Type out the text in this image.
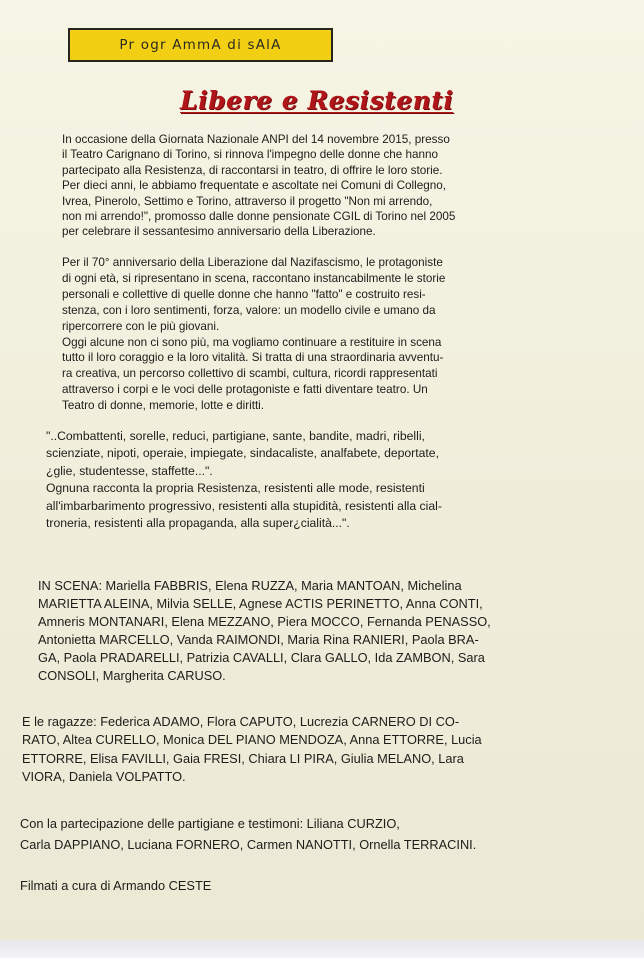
Pr ogr AmmA di sAlA
Libere e Resistenti
In occasione della Giornata Nazionale ANPI del 14 novembre 2015, presso
il Teatro Carignano di Torino, si rinnova l'impegno delle donne che hanno
partecipato alla Resistenza, di raccontarsi in teatro, di offrire le loro storie.
Per dieci anni, le abbiamo frequentate e ascoltate nei Comuni di Collegno,
Ivrea, Pinerolo, Settimo e Torino, attraverso il progetto "Non mi arrendo,
non mi arrendo!", promosso dalle donne pensionate CGIL di Torino nel 2005
per celebrare il sessantesimo anniversario della Liberazione.
Per il 70° anniversario della Liberazione dal Nazifascismo, le protagoniste
di ogni età, si ripresentano in scena, raccontano instancabilmente le storie
personali e collettive di quelle donne che hanno "fatto" e costruito resi-
stenza, con i loro sentimenti, forza, valore: un modello civile e umano da
ripercorrere con le più giovani.
Oggi alcune non ci sono più, ma vogliamo continuare a restituire in scena
tutto il loro coraggio e la loro vitalità. Si tratta di una straordinaria avventu-
ra creativa, un percorso collettivo di scambi, cultura, ricordi rappresentati
attraverso i corpi e le voci delle protagoniste e fatti diventare teatro. Un
Teatro di donne, memorie, lotte e diritti.
"..Combattenti, sorelle, reduci, partigiane, sante, bandite, madri, ribelli,
scienziate, nipoti, operaie, impiegate, sindacaliste, analfabete, deportate,
¿glie, studentesse, staffette...".
Ognuna racconta la propria Resistenza, resistenti alle mode, resistenti
all'imbarbarimento progressivo, resistenti alla stupidità, resistenti alla cial-
troneria, resistenti alla propaganda, alla super¿cialità...".
IN SCENA: Mariella FABBRIS, Elena RUZZA, Maria MANTOAN, Michelina
MARIETTA ALEINA, Milvia SELLE, Agnese ACTIS PERINETTO, Anna CONTI,
Amneris MONTANARI, Elena MEZZANO, Piera MOCCO, Fernanda PENASSO,
Antonietta MARCELLO, Vanda RAIMONDI, Maria Rina RANIERI, Paola BRA-
GA, Paola PRADARELLI, Patrizia CAVALLI, Clara GALLO, Ida ZAMBON, Sara
CONSOLI, Margherita CARUSO.
E le ragazze: Federica ADAMO, Flora CAPUTO, Lucrezia CARNERO DI CO-
RATO, Altea CURELLO, Monica DEL PIANO MENDOZA, Anna ETTORRE, Lucia
ETTORRE, Elisa FAVILLI, Gaia FRESI, Chiara LI PIRA, Giulia MELANO, Lara
VIORA, Daniela VOLPATTO.
Con la partecipazione delle partigiane e testimoni: Liliana CURZIO,
Carla DAPPIANO, Luciana FORNERO, Carmen NANOTTI, Ornella TERRACINI.
Filmati a cura di Armando CESTE
